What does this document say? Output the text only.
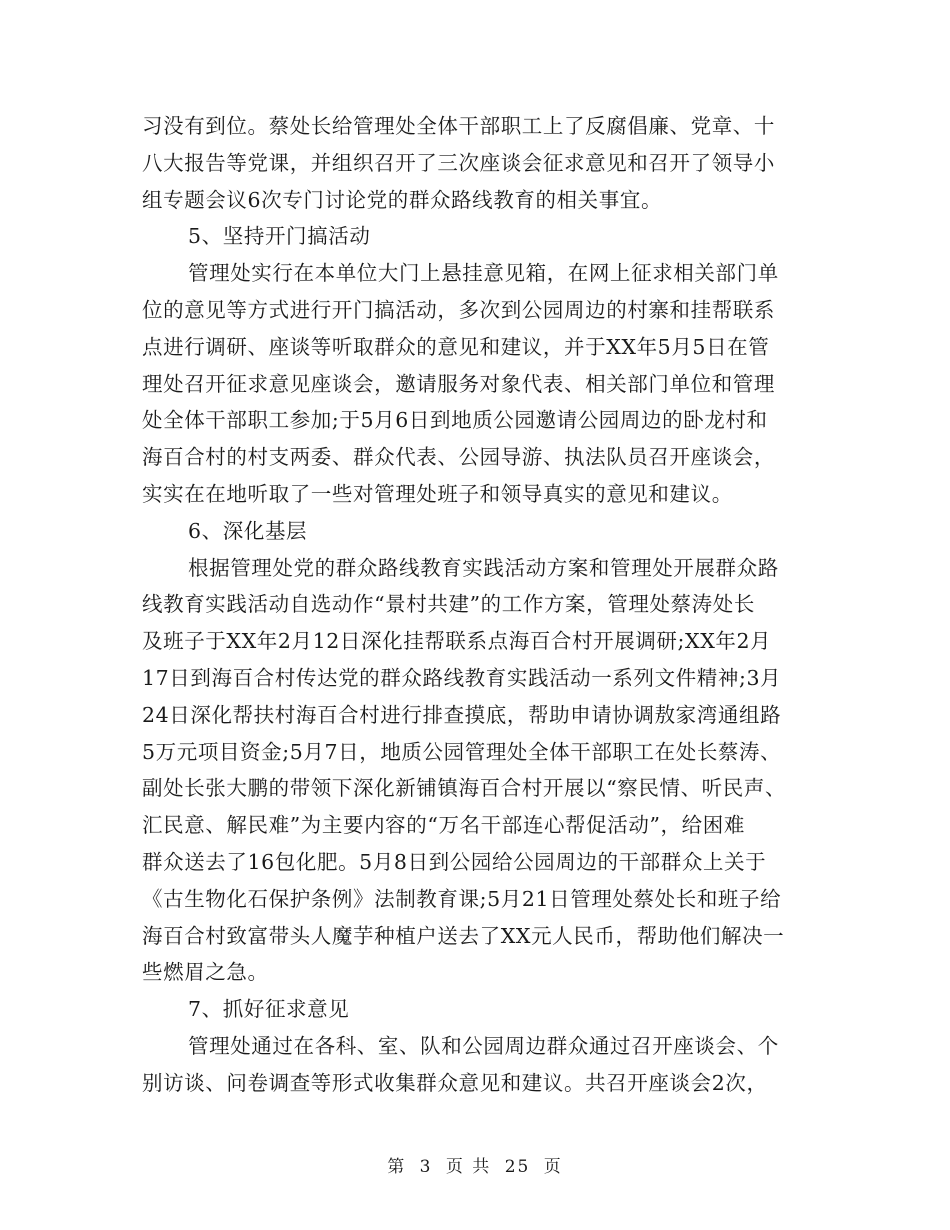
习没有到位。蔡处长给管理处全体干部职工上了反腐倡廉、党章、十
八大报告等党课，并组织召开了三次座谈会征求意见和召开了领导小
组专题会议6次专门讨论党的群众路线教育的相关事宜。
5、坚持开门搞活动
管理处实行在本单位大门上悬挂意见箱，在网上征求相关部门单
位的意见等方式进行开门搞活动，多次到公园周边的村寨和挂帮联系
点进行调研、座谈等听取群众的意见和建议，并于XX年5月5日在管
理处召开征求意见座谈会，邀请服务对象代表、相关部门单位和管理
处全体干部职工参加;于5月6日到地质公园邀请公园周边的卧龙村和
海百合村的村支两委、群众代表、公园导游、执法队员召开座谈会，
实实在在地听取了一些对管理处班子和领导真实的意见和建议。
6、深化基层
根据管理处党的群众路线教育实践活动方案和管理处开展群众路
线教育实践活动自选动作“景村共建”的工作方案，管理处蔡涛处长
及班子于XX年2月12日深化挂帮联系点海百合村开展调研;XX年2月
17日到海百合村传达党的群众路线教育实践活动一系列文件精神;3月
24日深化帮扶村海百合村进行排查摸底，帮助申请协调敖家湾通组路
5万元项目资金;5月7日，地质公园管理处全体干部职工在处长蔡涛、
副处长张大鹏的带领下深化新铺镇海百合村开展以“察民情、听民声、
汇民意、解民难”为主要内容的“万名干部连心帮促活动”，给困难
群众送去了16包化肥。5月8日到公园给公园周边的干部群众上关于
《古生物化石保护条例》法制教育课;5月21日管理处蔡处长和班子给
海百合村致富带头人魔芋种植户送去了XX元人民币，帮助他们解决一
些燃眉之急。
7、抓好征求意见
管理处通过在各科、室、队和公园周边群众通过召开座谈会、个
别访谈、问卷调查等形式收集群众意见和建议。共召开座谈会2次，
第 3 页 共 25 页
